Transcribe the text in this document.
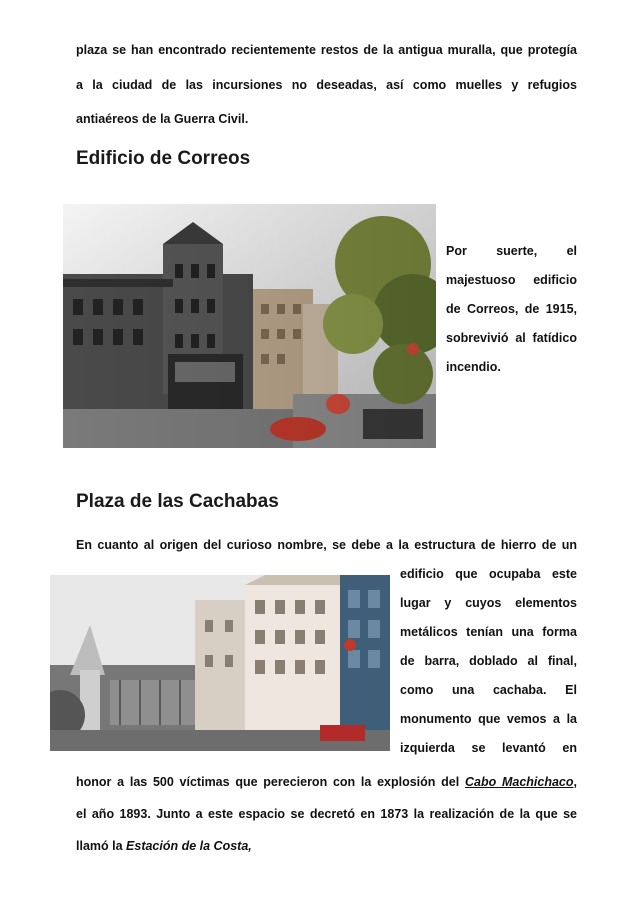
plaza se han encontrado recientemente restos de la antigua muralla, que protegía
a la ciudad de las incursiones no deseadas, así como muelles y refugios
antiaéreos de la Guerra Civil.
Edificio de Correos
Por suerte, el
majestuoso edificio
de Correos, de 1915,
sobrevivió al fatídico
incendio.
Plaza de las Cachabas
En cuanto al origen del curioso nombre, se debe a la estructura de hierro de un
edificio que ocupaba este
lugar y cuyos elementos
metálicos tenían una forma
de barra, doblado al final,
como una cachaba. El
monumento que vemos a la
izquierda se levantó en
honor a las 500 víctimas que perecieron con la explosión del Cabo Machichaco,
el año 1893. Junto a este espacio se decretó en 1873 la realización de la que se
llamó la Estación de la Costa,
